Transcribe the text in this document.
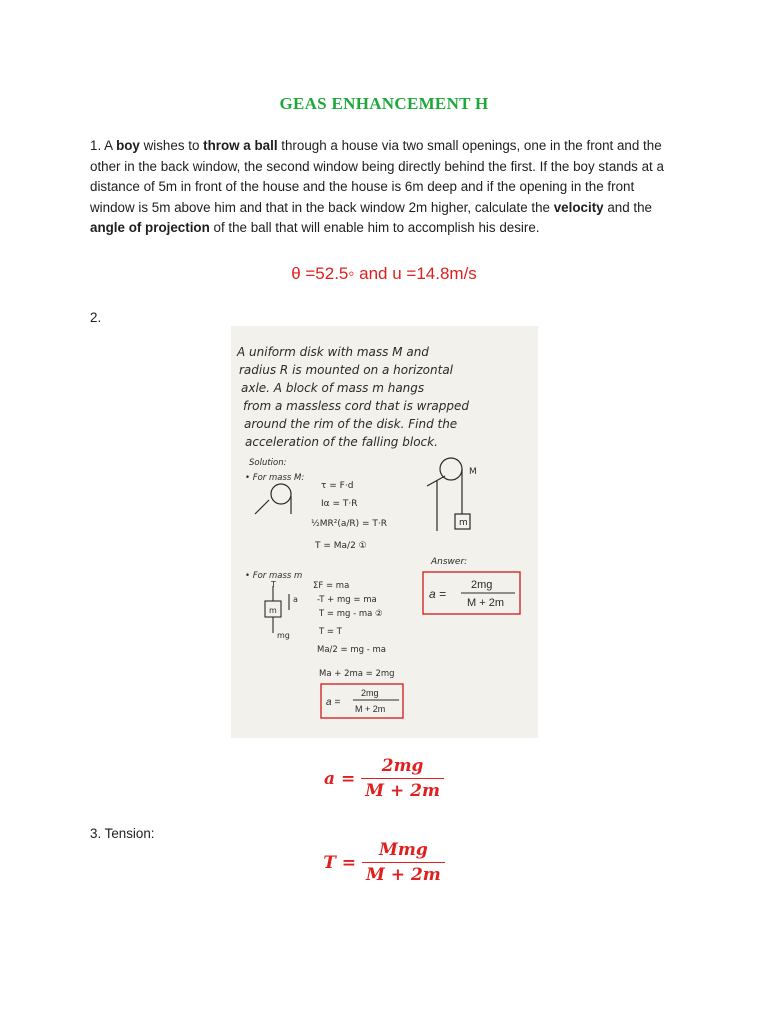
GEAS ENHANCEMENT H
1. A boy wishes to throw a ball through a house via two small openings, one in the front and the other in the back window, the second window being directly behind the first. If the boy stands at a distance of 5m in front of the house and the house is 6m deep and if the opening in the front window is 5m above him and that in the back window 2m higher, calculate the velocity and the angle of projection of the ball that will enable him to accomplish his desire.
θ =52.5◦ and u =14.8m/s
2.
A uniform disk with mass M and
radius R is mounted on a horizontal
axle. A block of mass m hangs
from a massless cord that is wrapped
around the rim of the disk. Find the
acceleration of the falling block.
Solution:
• For mass M:
τ = F·d
Iα = T·R
½MR²(a/R) = T·R
T = Ma/2 ①
M
m
Answer:
a =
2mg
M + 2m
• For mass m
T
a
m
mg
ΣF = ma
-T + mg = ma
T = mg - ma ②
T = T
Ma/2 = mg - ma
Ma + 2ma = 2mg
a =
2mg
M + 2m
$a = \frac{2mg}{M + 2m}$
3. Tension:
$T = \frac{\text{Mmg}}{M + 2m}$
